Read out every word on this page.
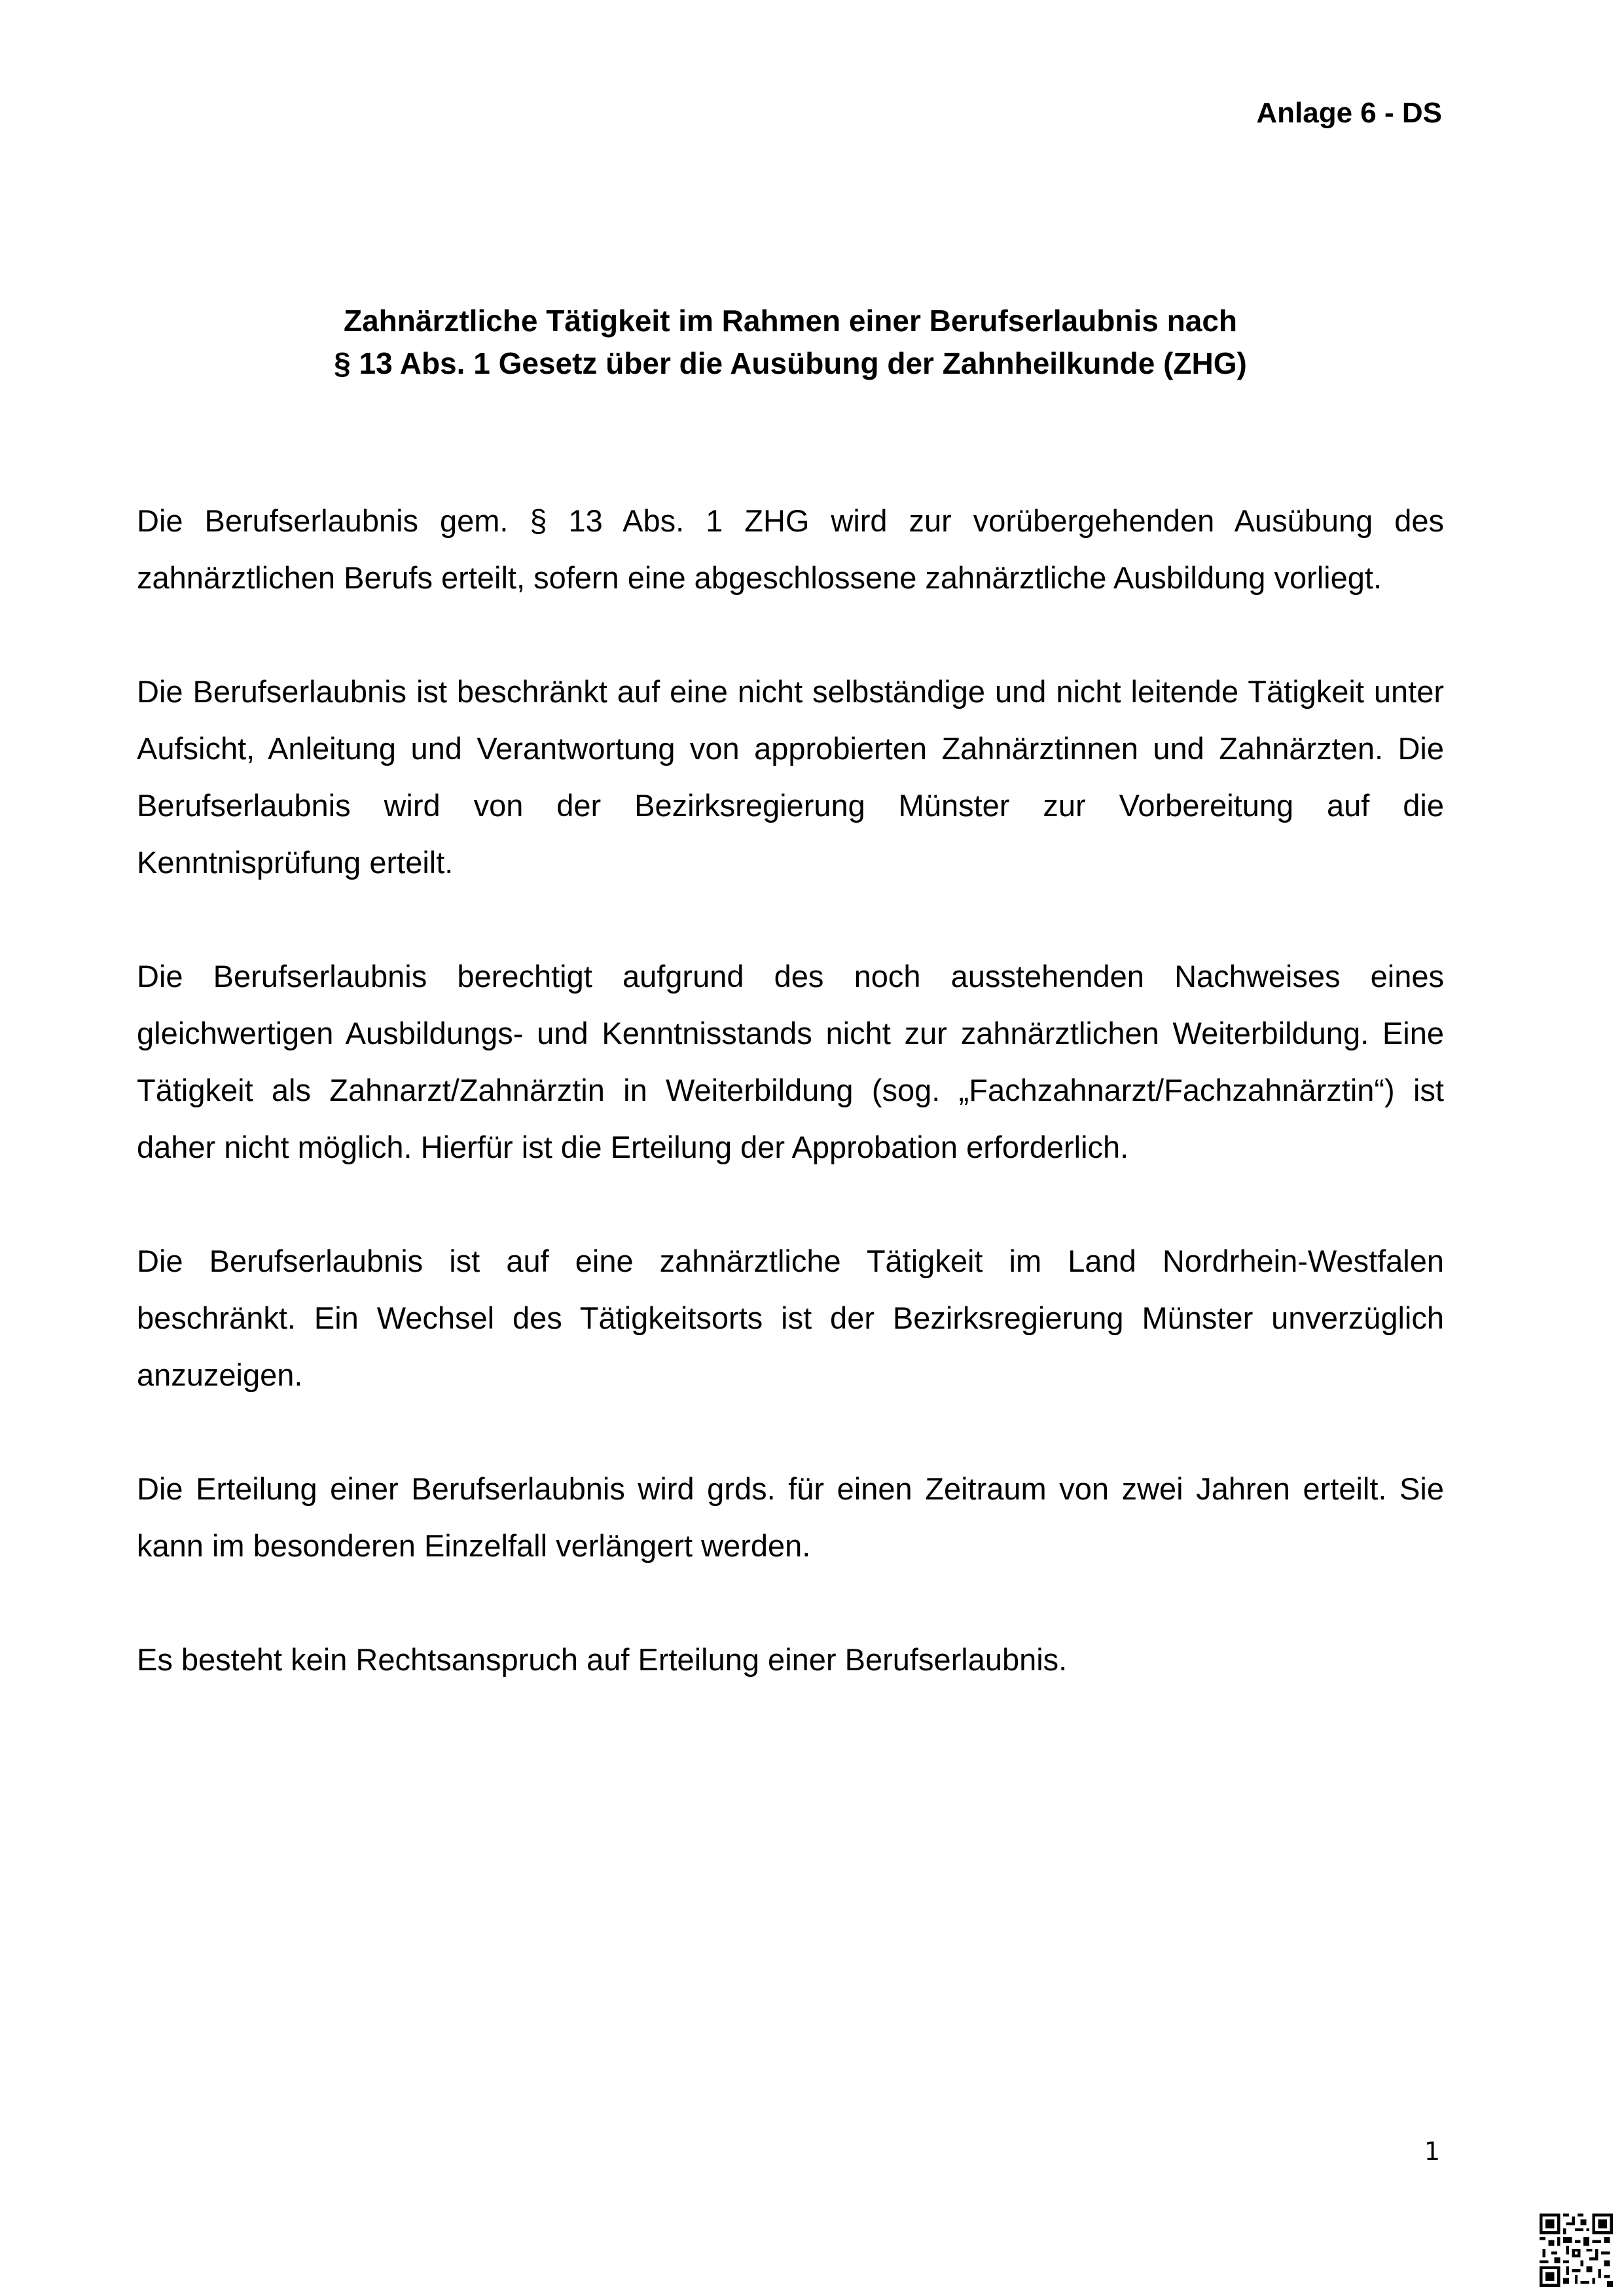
Anlage 6 - DS
Zahnärztliche Tätigkeit im Rahmen einer Berufserlaubnis nach
§ 13 Abs. 1 Gesetz über die Ausübung der Zahnheilkunde (ZHG)

Die Berufserlaubnis gem. § 13 Abs. 1 ZHG wird zur vorübergehenden Ausübung des zahnärztlichen Berufs erteilt, sofern eine abgeschlossene zahnärztliche Ausbildung vorliegt.

Die Berufserlaubnis ist beschränkt auf eine nicht selbständige und nicht leitende Tätigkeit unter Aufsicht, Anleitung und Verantwortung von approbierten Zahnärztinnen und Zahnärzten. Die Berufserlaubnis wird von der Bezirksregierung Münster zur Vorbereitung auf die Kenntnisprüfung erteilt.

Die Berufserlaubnis berechtigt aufgrund des noch ausstehenden Nachweises eines gleichwertigen Ausbildungs- und Kenntnisstands nicht zur zahnärztlichen Weiterbildung. Eine Tätigkeit als Zahnarzt/Zahnärztin in Weiterbildung (sog. „Fachzahnarzt/Fachzahnärztin“) ist daher nicht möglich. Hierfür ist die Erteilung der Approbation erforderlich.

Die Berufserlaubnis ist auf eine zahnärztliche Tätigkeit im Land Nordrhein-Westfalen beschränkt. Ein Wechsel des Tätigkeitsorts ist der Bezirksregierung Münster unverzüglich anzuzeigen.

Die Erteilung einer Berufserlaubnis wird grds. für einen Zeitraum von zwei Jahren erteilt. Sie kann im besonderen Einzelfall verlängert werden.

Es besteht kein Rechtsanspruch auf Erteilung einer Berufserlaubnis.

1
